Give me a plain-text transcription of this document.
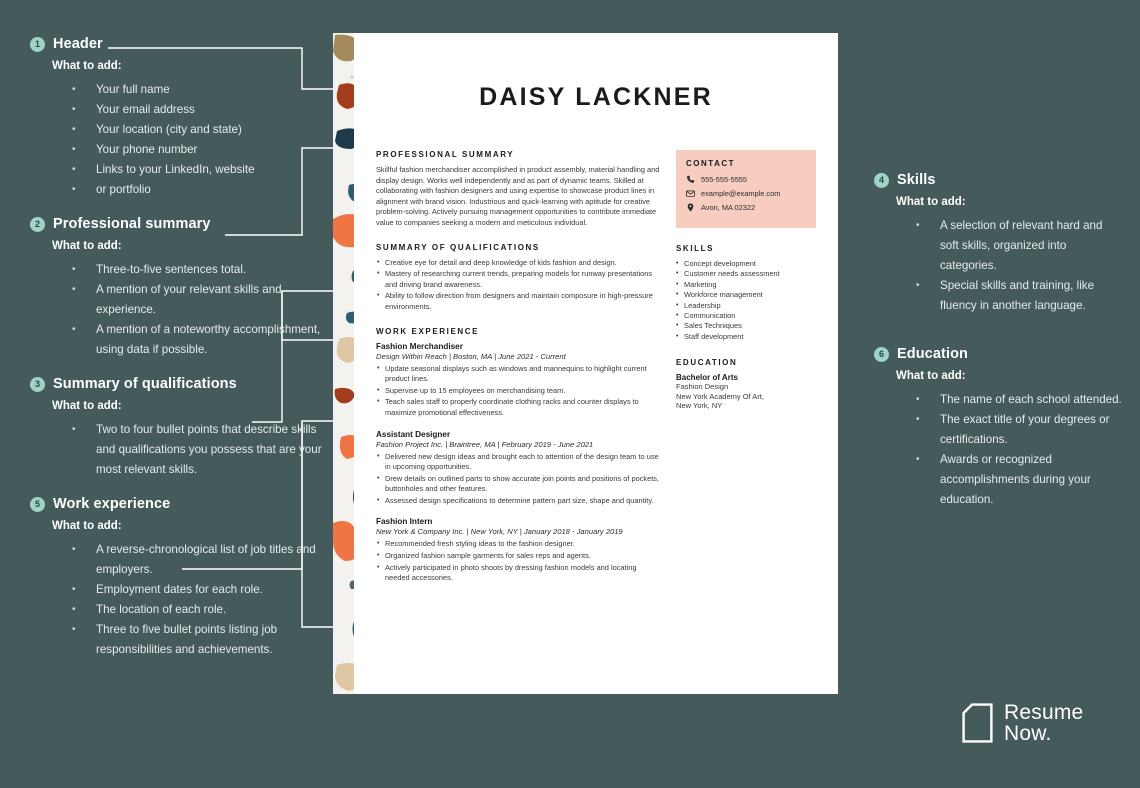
1 Header
What to add:
• Your full name
• Your email address
• Your location (city and state)
• Your phone number
• Links to your LinkedIn, website
• or portfolio
2 Professional summary
What to add:
• Three-to-five sentences total.
• A mention of your relevant skills and experience.
• A mention of a noteworthy accomplishment, using data if possible.
3 Summary of qualifications
What to add:
• Two to four bullet points that describe skills and qualifications you possess that are your most relevant skills.
5 Work experience
What to add:
• A reverse-chronological list of job titles and employers.
• Employment dates for each role.
• The location of each role.
• Three to five bullet points listing job responsibilities and achievements.
4 Skills
What to add:
• A selection of relevant hard and soft skills, organized into categories.
• Special skills and training, like fluency in another language.
6 Education
What to add:
• The name of each school attended.
• The exact title of your degrees or certifications.
• Awards or recognized accomplishments during your education.
DAISY LACKNER
PROFESSIONAL SUMMARY
Skillful fashion merchandiser accomplished in product assembly, material handling and display design. Works well independently and as part of dynamic teams. Skilled at collaborating with fashion designers and using expertise to showcase product lines in alignment with brand vision. Industrious and quick-learning with aptitude for creative problem-solving. Actively pursuing management opportunities to contribute immediate value to companies seeking a modern and meticulous individual.
SUMMARY OF QUALIFICATIONS
• Creative eye for detail and deep knowledge of kids fashion and design.
• Mastery of researching current trends, preparing models for runway presentations and driving brand awareness.
• Ability to follow direction from designers and maintain composure in high-pressure environments.
WORK EXPERIENCE
Fashion Merchandiser
Design Within Reach | Boston, MA | June 2021 - Current
• Update seasonal displays such as windows and mannequins to highlight current product lines.
• Supervise up to 15 employees on merchandising team.
• Teach sales staff to properly coordinate clothing racks and counter displays to maximize promotional effectiveness.
Assistant Designer
Fashion Project Inc. | Braintree, MA | February 2019 - June 2021
• Delivered new design ideas and brought each to attention of the design team to use in upcoming opportunities.
• Drew details on outlined parts to show accurate join points and positions of pockets, buttonholes and other features.
• Assessed design specifications to determine pattern part size, shape and quantity.
Fashion Intern
New York & Company Inc. | New York, NY | January 2018 - January 2019
• Recommended fresh styling ideas to the fashion designer.
• Organized fashion sample garments for sales reps and agents.
• Actively participated in photo shoots by dressing fashion models and locating needed accessories.
CONTACT
555-555-5555
example@example.com
Avon, MA 02322
SKILLS
• Concept development
• Customer needs assessment
• Marketing
• Workforce management
• Leadership
• Communication
• Sales Techniques
• Staff development
EDUCATION
Bachelor of Arts
Fashion Design
New York Academy Of Art,
New York, NY
Resume
Now.
